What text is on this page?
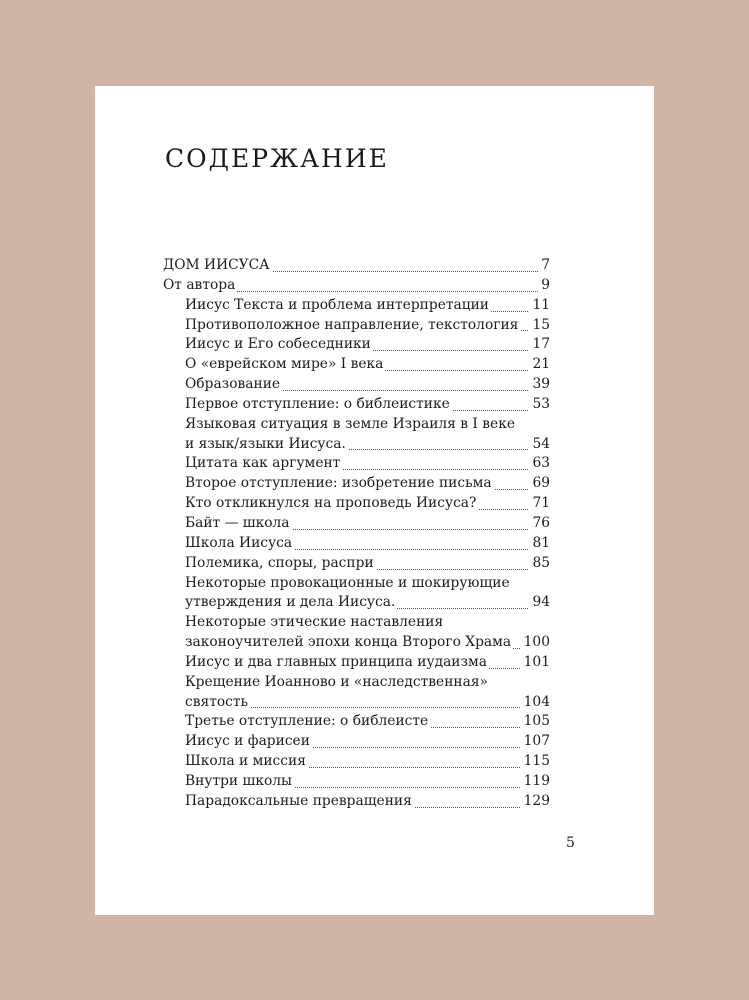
СОДЕРЖАНИЕ
ДОМ ИИСУСА	7
От автора	9
Иисус Текста и проблема интерпретации	11
Противоположное направление, текстология 15
Иисус и Его собеседники	17
О «еврейском мире» I века	21
Образование	39
Первое отступление: о библеистике	53
Языковая ситуация в земле Израиля в I веке
и язык/языки Иисуса.	54
Цитата как аргумент	63
Второе отступление: изобретение письма	69
Кто откликнулся на проповедь Иисуса?	71
Байт — школа	76
Школа Иисуса	81
Полемика, споры, распри	85
Некоторые провокационные и шокирующие
утверждения и дела Иисуса.	94
Некоторые этические наставления
законоучителей эпохи конца Второго Храма 100
Иисус и два главных принципа иудаизма	101
Крещение Иоанново и «наследственная»
святость	104
Третье отступление: о библеисте	105
Иисус и фарисеи	107
Школа и миссия	115
Внутри школы	119
Парадоксальные превращения	129
5
